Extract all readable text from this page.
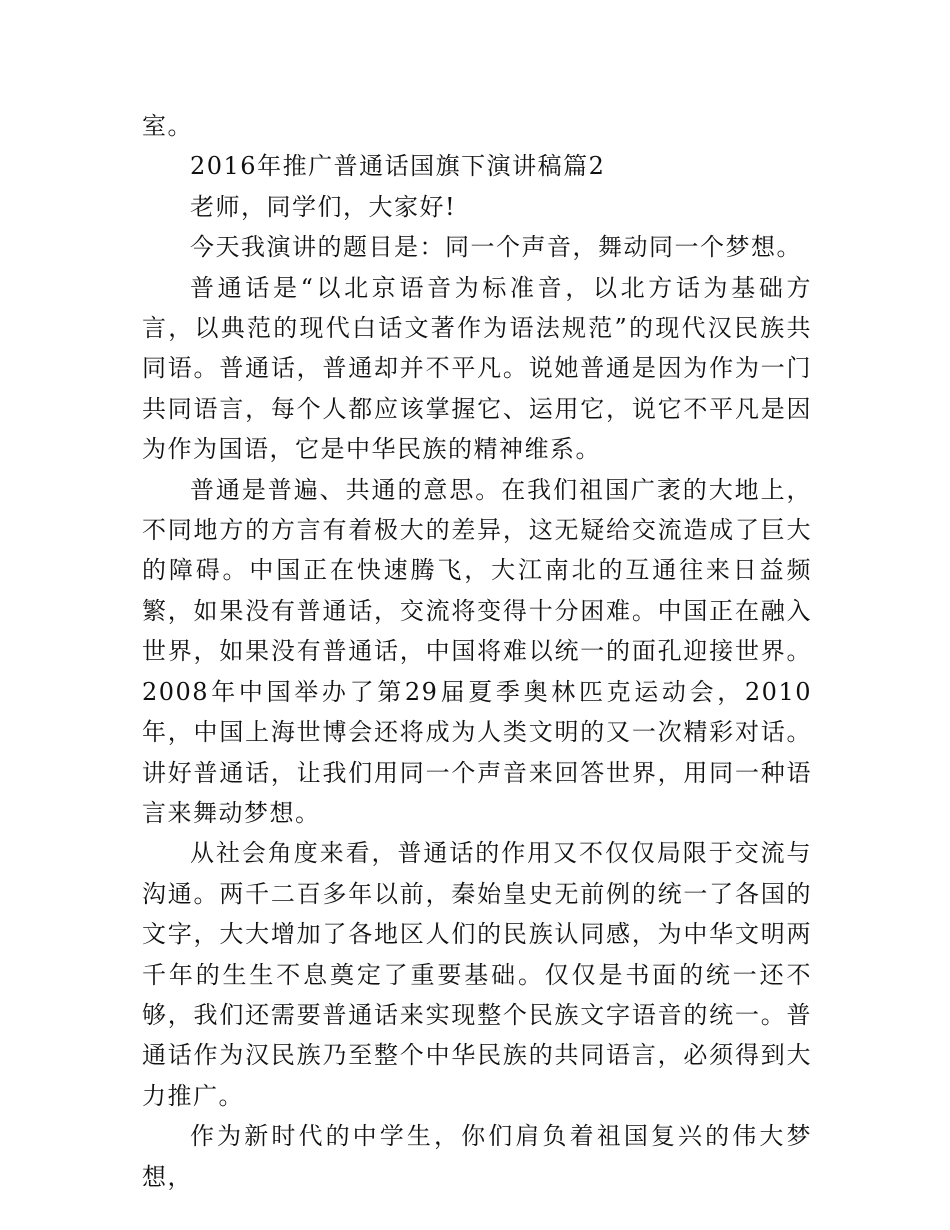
室。

2016年推广普通话国旗下演讲稿篇2

老师，同学们，大家好!

今天我演讲的题目是：同一个声音，舞动同一个梦想。

普通话是“以北京语音为标准音，以北方话为基础方言，以典范的现代白话文著作为语法规范”的现代汉民族共同语。普通话，普通却并不平凡。说她普通是因为作为一门共同语言，每个人都应该掌握它、运用它，说它不平凡是因为作为国语，它是中华民族的精神维系。

普通是普遍、共通的意思。在我们祖国广袤的大地上，不同地方的方言有着极大的差异，这无疑给交流造成了巨大的障碍。中国正在快速腾飞，大江南北的互通往来日益频繁，如果没有普通话，交流将变得十分困难。中国正在融入世界，如果没有普通话，中国将难以统一的面孔迎接世界。2008年中国举办了第29届夏季奥林匹克运动会，2010年，中国上海世博会还将成为人类文明的又一次精彩对话。讲好普通话，让我们用同一个声音来回答世界，用同一种语言来舞动梦想。

从社会角度来看，普通话的作用又不仅仅局限于交流与沟通。两千二百多年以前，秦始皇史无前例的统一了各国的文字，大大增加了各地区人们的民族认同感，为中华文明两千年的生生不息奠定了重要基础。仅仅是书面的统一还不够，我们还需要普通话来实现整个民族文字语音的统一。普通话作为汉民族乃至整个中华民族的共同语言，必须得到大力推广。

作为新时代的中学生，你们肩负着祖国复兴的伟大梦想，
